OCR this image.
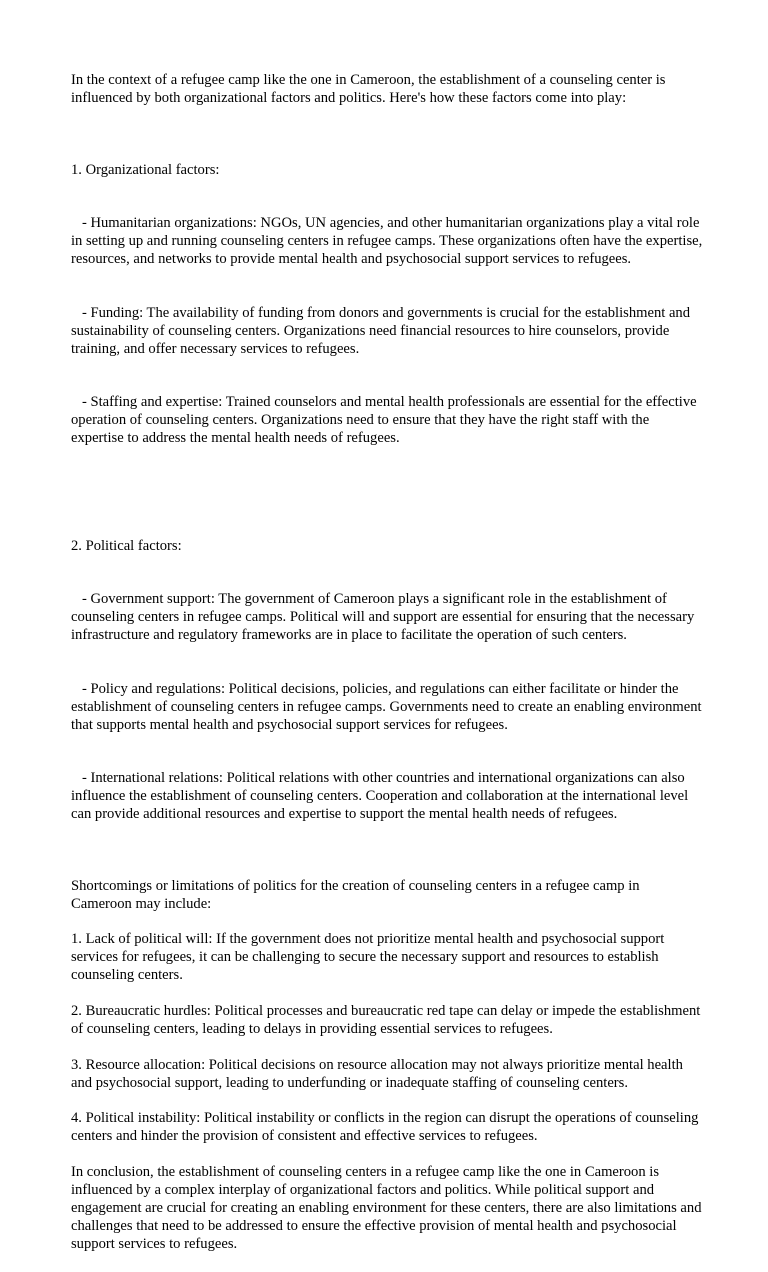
In the context of a refugee camp like the one in Cameroon, the establishment of a counseling center is influenced by both organizational factors and politics. Here's how these factors come into play:

1. Organizational factors:

- Humanitarian organizations: NGOs, UN agencies, and other humanitarian organizations play a vital role in setting up and running counseling centers in refugee camps. These organizations often have the expertise, resources, and networks to provide mental health and psychosocial support services to refugees.

- Funding: The availability of funding from donors and governments is crucial for the establishment and sustainability of counseling centers. Organizations need financial resources to hire counselors, provide training, and offer necessary services to refugees.

- Staffing and expertise: Trained counselors and mental health professionals are essential for the effective operation of counseling centers. Organizations need to ensure that they have the right staff with the expertise to address the mental health needs of refugees.

2. Political factors:

- Government support: The government of Cameroon plays a significant role in the establishment of counseling centers in refugee camps. Political will and support are essential for ensuring that the necessary infrastructure and regulatory frameworks are in place to facilitate the operation of such centers.

- Policy and regulations: Political decisions, policies, and regulations can either facilitate or hinder the establishment of counseling centers in refugee camps. Governments need to create an enabling environment that supports mental health and psychosocial support services for refugees.

- International relations: Political relations with other countries and international organizations can also influence the establishment of counseling centers. Cooperation and collaboration at the international level can provide additional resources and expertise to support the mental health needs of refugees.

Shortcomings or limitations of politics for the creation of counseling centers in a refugee camp in Cameroon may include:

1. Lack of political will: If the government does not prioritize mental health and psychosocial support services for refugees, it can be challenging to secure the necessary support and resources to establish counseling centers.

2. Bureaucratic hurdles: Political processes and bureaucratic red tape can delay or impede the establishment of counseling centers, leading to delays in providing essential services to refugees.

3. Resource allocation: Political decisions on resource allocation may not always prioritize mental health and psychosocial support, leading to underfunding or inadequate staffing of counseling centers.

4. Political instability: Political instability or conflicts in the region can disrupt the operations of counseling centers and hinder the provision of consistent and effective services to refugees.

In conclusion, the establishment of counseling centers in a refugee camp like the one in Cameroon is influenced by a complex interplay of organizational factors and politics. While political support and engagement are crucial for creating an enabling environment for these centers, there are also limitations and challenges that need to be addressed to ensure the effective provision of mental health and psychosocial support services to refugees.
